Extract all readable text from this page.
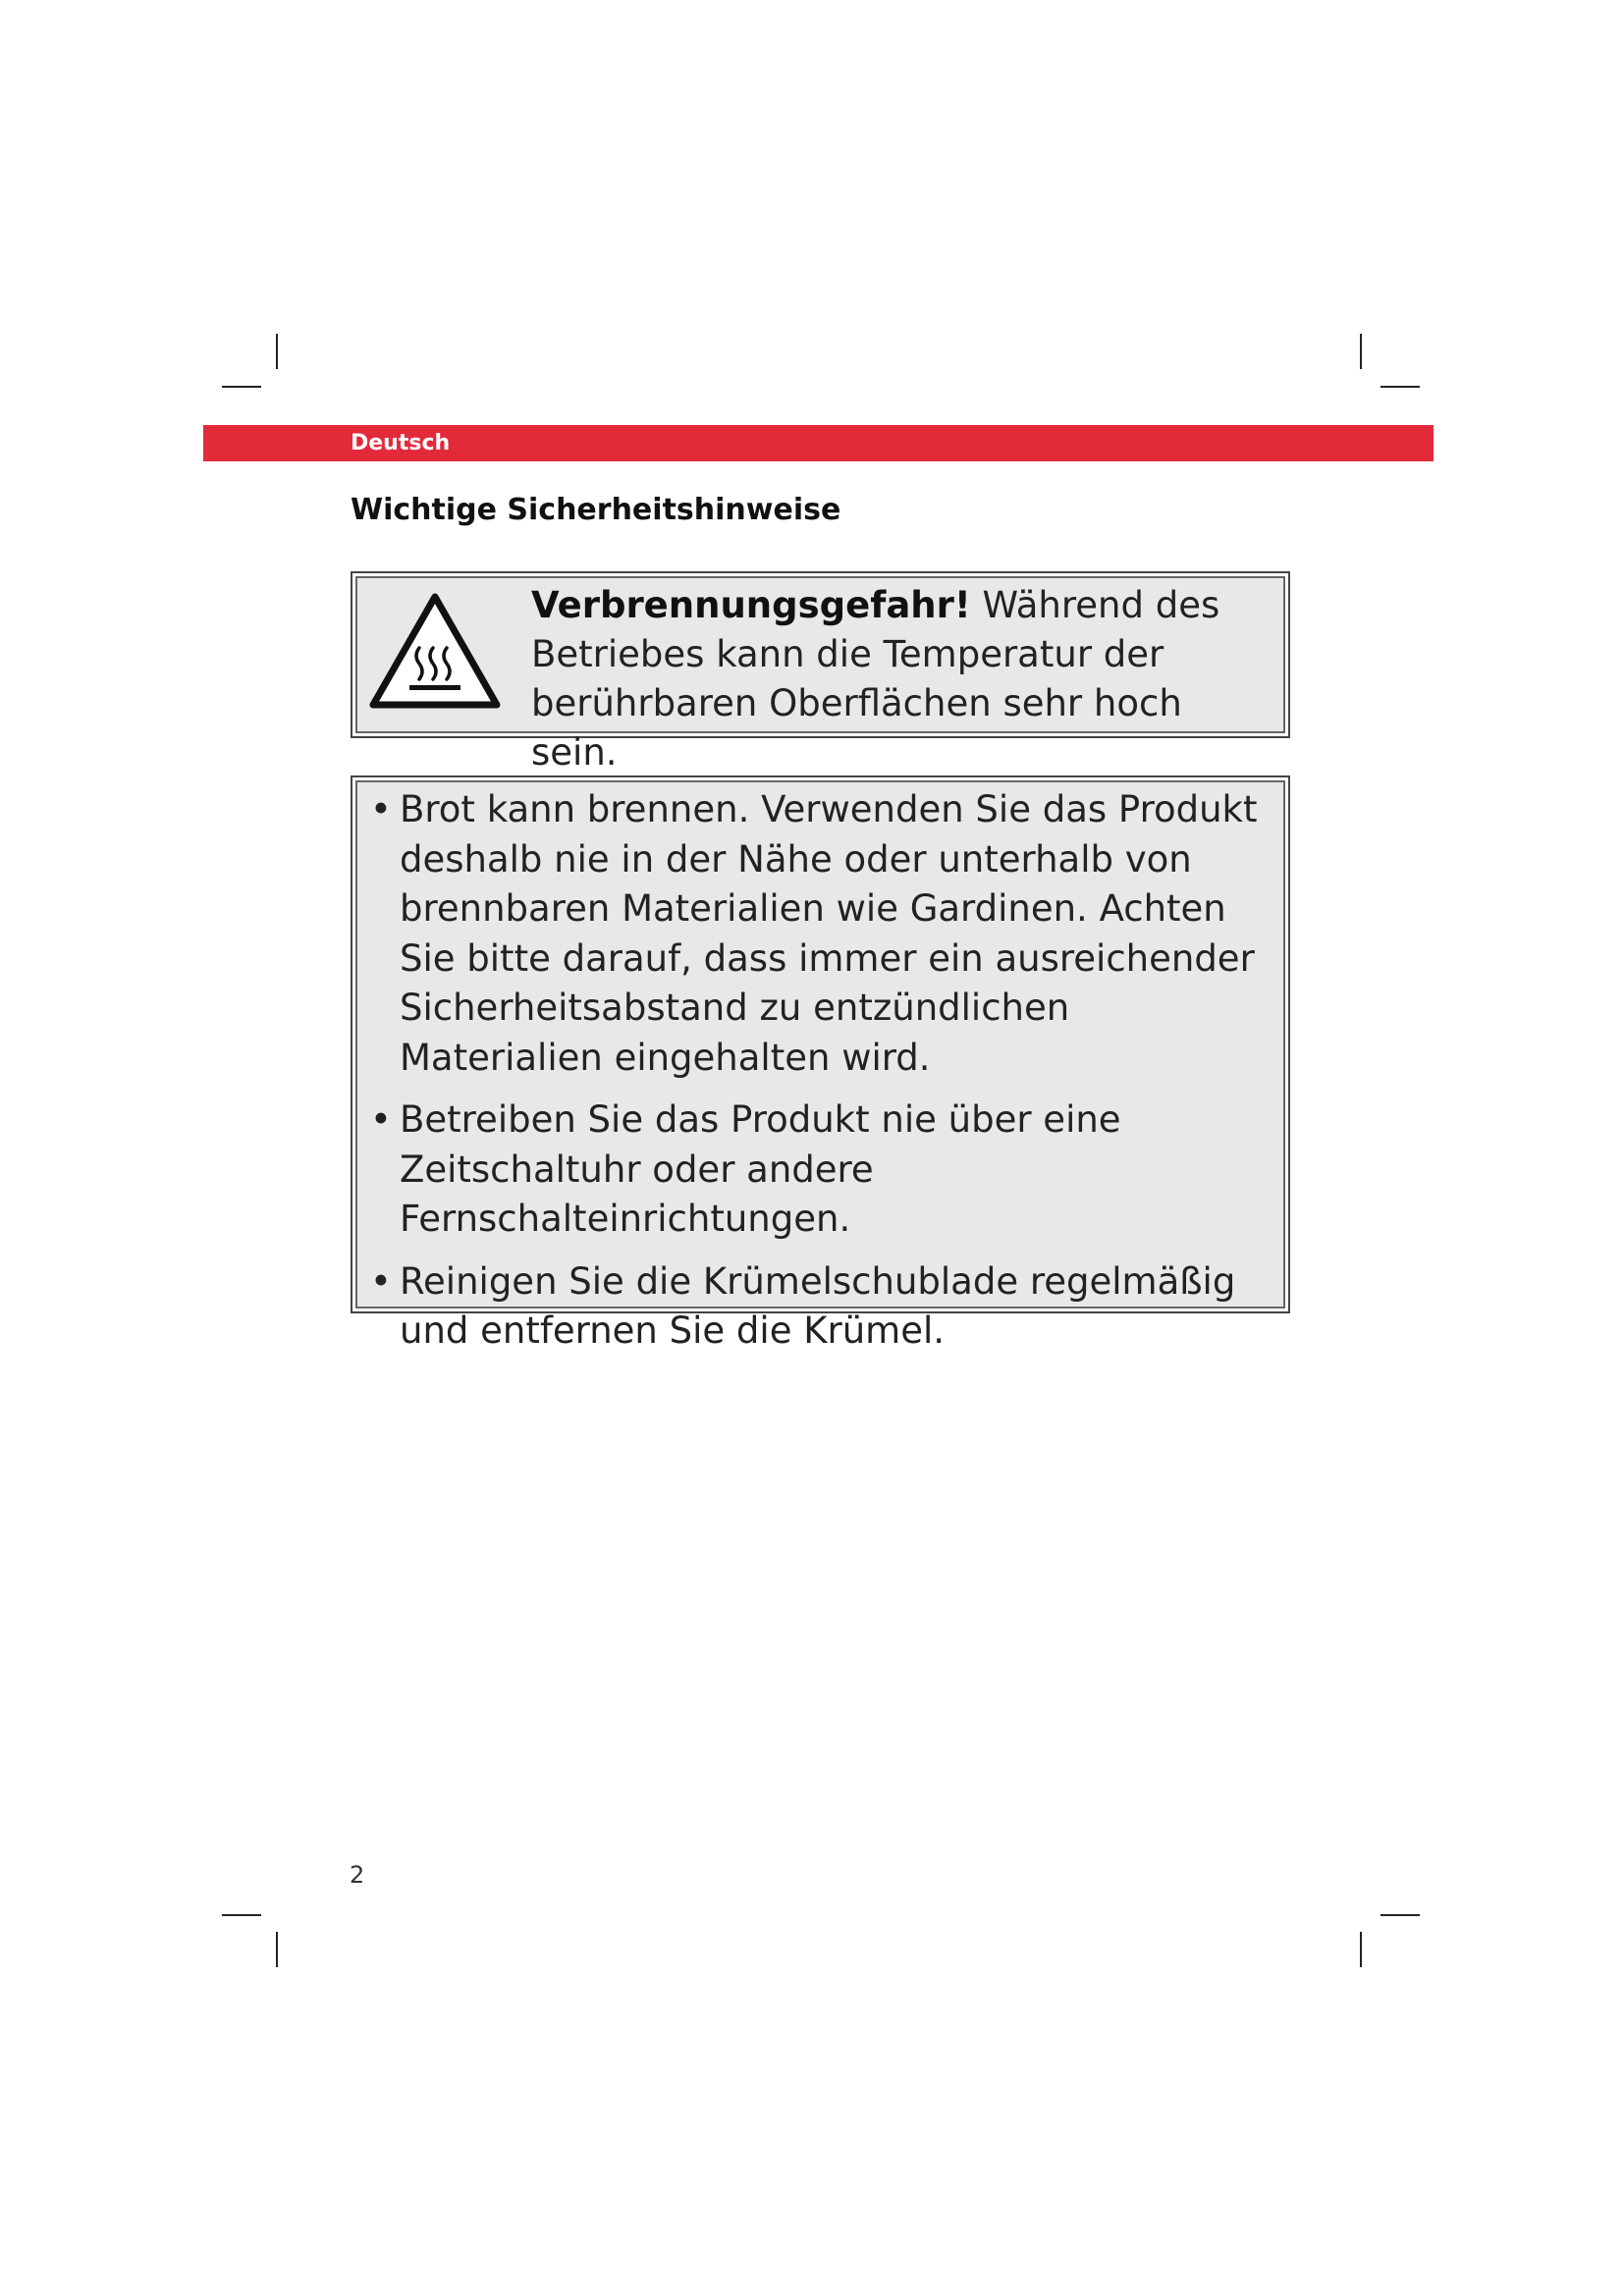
Deutsch
Wichtige Sicherheitshinweise
Verbrennungsgefahr! Während des Betriebes kann die Temperatur der berührbaren Oberflächen sehr hoch sein.
• Brot kann brennen. Verwenden Sie das Produkt deshalb nie in der Nähe oder unterhalb von brennbaren Materialien wie Gardinen. Achten Sie bitte darauf, dass immer ein ausreichender Sicherheitsabstand zu entzündlichen Materialien eingehalten wird.
• Betreiben Sie das Produkt nie über eine Zeitschaltuhr oder andere Fernschalteinrichtungen.
• Reinigen Sie die Krümelschublade regelmäßig und entfernen Sie die Krümel.
2
